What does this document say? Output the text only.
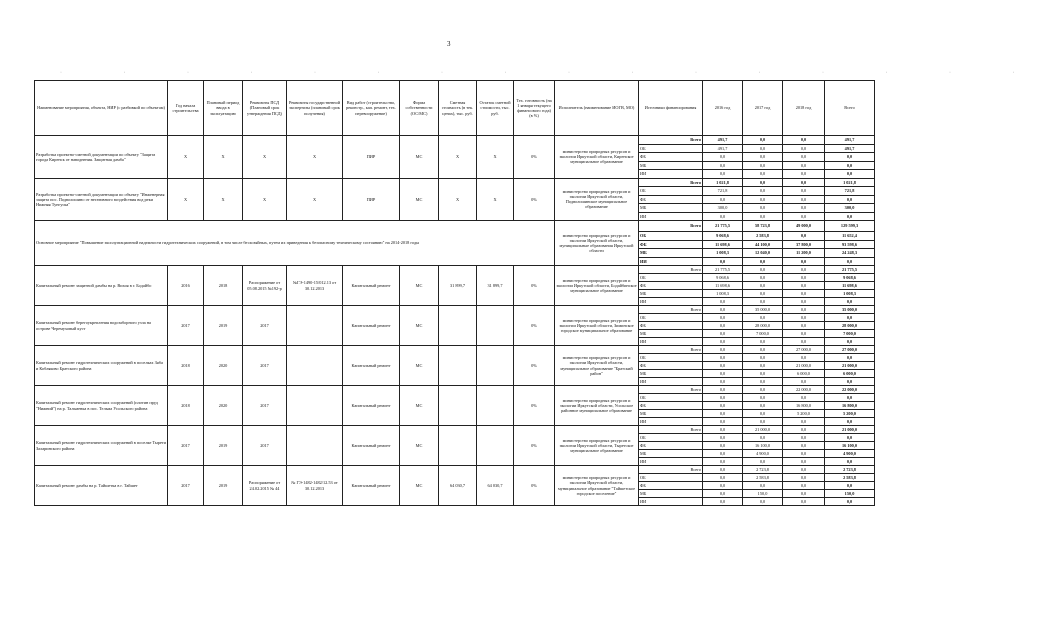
3
· · · · · · · · · · · · · · · ·
Наименование мероприятия, объекта, НИР (с разбивкой по объектам)	Год начала строительства	Плановый период ввода в эксплуатацию	Реквизиты ПСД (Плановый срок утверждения ПСД)	Реквизиты государственной экспертизы (плановый срок получения)	Вид работ (строительство, реконстр., кап. ремонт, тех. перевооружение)	Форма собственности (ОС/МС)	Сметная стоимость (в тек. ценах), тыс. руб.	Остаток сметной стоимости, тыс. руб.	Тех. готовность (на 1 января текущего финансового года) (в %)	Исполнитель (наименование ИОГВ, МО)	Источники финансирования	2016 год	2017 год	2018 год	Всего
Разработка проектно-сметной документации по объекту "Защита города Киренск от наводнения. Защитная дамба"	Х	Х	Х	Х	ПИР	МС	Х	Х	0%	министерство природных ресурсов и экологии Иркутской области, Киренское муниципальное образование	Всего	491,7	0,0	0,0	491,7
											ОБ	491,7	0,0	0,0	491,7
											ФБ	0,0	0,0	0,0	0,0
											МБ	0,0	0,0	0,0	0,0
											ИИ	0,0	0,0	0,0	0,0
Разработка проектно-сметной документации по объекту "Инженерная защита пос. Подволошино от негативного воздействия вод реки Нижняя Тунгуска"	Х	Х	Х	Х	ПИР	МС	Х	Х	0%	министерство природных ресурсов и экологии Иркутской области, Подволошинское муниципальное образование	Всего	1 021,8	0,0	0,0	1 021,8
											ОБ	721,8	0,0	0,0	721,8
											ФБ	0,0	0,0	0,0	0,0
											МБ	300,0	0,0	0,0	300,0
											ИИ	0,0	0,0	0,0	0,0
Основное мероприятие "Повышение эксплуатационной надежности гидротехнических сооружений, в том числе бесхозяйных, путем их приведения к безопасному техническому состоянию" на 2014-2018 годы										министерство природных ресурсов и экологии Иркутской области, муниципальные образования Иркутской области	Всего	21 775,5	58 723,8	49 000,0	129 599,3
											ОБ	9 068,6	2 583,8	0,0	11 652,4
											ФБ	11 698,6	44 100,0	37 800,0	93 598,6
											МБ	1 008,3	12 040,0	11 200,0	24 248,3
											ИИ	0,0	0,0	0,0	0,0
Капитальный ремонт защитной дамбы на р. Вихоя в г. Бодайбо	2016	2018	Распоряжение от 05.08.2015 №192-р	№ГЭ-1490-15/012.13 от 30.12.2013	Капитальный ремонт	МС	31 899,7	31 899,7	0%	министерство природных ресурсов и экологии Иркутской области, Бодайбинское муниципальное образование	Всего	21 775,5	0,0	0,0	21 775,5
											ОБ	9 068,6	0,0	0,0	9 068,6
											ФБ	11 698,6	0,0	0,0	11 698,6
											МБ	1 008,3	0,0	0,0	1 008,3
											ИИ	0,0	0,0	0,0	0,0
Капитальный ремонт берегоукрепления водозаборного узла на острове Черемуховый куст	2017	2019	2017		Капитальный ремонт	МС			0%	министерство природных ресурсов и экологии Иркутской области, Зиминское городское муниципальное образование	Всего	0,0	35 000,0	0,0	35 000,0
											ОБ	0,0	0,0	0,0	0,0
											ФБ	0,0	28 000,0	0,0	28 000,0
											МБ	0,0	7 000,0	0,0	7 000,0
											ИИ	0,0	0,0	0,0	0,0
Капитальный ремонт гидротехнических сооружений в поселках Зяба и Кобляково Братского района	2018	2020	2017		Капитальный ремонт	МС			0%	министерство природных ресурсов и экологии Иркутской области, муниципальное образование "Братский район"	Всего	0,0	0,0	27 000,0	27 000,0
											ОБ	0,0	0,0	0,0	0,0
											ФБ	0,0	0,0	21 000,0	21 000,0
											МБ	0,0	0,0	6 000,0	6 000,0
											ИИ	0,0	0,0	0,0	0,0
Капитальный ремонт гидротехнических сооружений (плотин пруд "Нижний") на р. Тальменка в пос. Тельма Усольского района	2018	2020	2017		Капитальный ремонт	МС			0%	министерство природных ресурсов и экологии Иркутской области, Усольское районное муниципальное образование	Всего	0,0	0,0	22 000,0	22 000,0
											ОБ	0,0	0,0	0,0	0,0
											ФБ	0,0	0,0	16 800,0	16 800,0
											МБ	0,0	0,0	5 200,0	5 200,0
											ИИ	0,0	0,0	0,0	0,0
Капитальный ремонт гидротехнических сооружений в поселке Тырети Заларинского района	2017	2019	2017		Капитальный ремонт	МС			0%	министерство природных ресурсов и экологии Иркутской области, Тыретское муниципальное образование	Всего	0,0	21 000,0	0,0	21 000,0
											ОБ	0,0	0,0	0,0	0,0
											ФБ	0,0	16 100,0	0,0	16 100,0
											МБ	0,0	4 900,0	0,0	4 900,0
											ИИ	0,0	0,0	0,0	0,0
Капитальный ремонт дамбы на р. Тайшетка в г. Тайшет	2017	2019	Распоряжение от 24.02.2015 № 44	№ ГЭ-1482-1482/12.53 от 30.12.2013	Капитальный ремонт	МС	64 030,7	64 030,7	0%	министерство природных ресурсов и экологии Иркутской области, муниципальное образование "Тайшетское городское поселение"	Всего	0,0	2 723,8	0,0	2 723,8
											ОБ	0,0	2 583,8	0,0	2 583,8
											ФБ	0,0	0,0	0,0	0,0
											МБ	0,0	150,0	0,0	150,0
											ИИ	0,0	0,0	0,0	0,0
